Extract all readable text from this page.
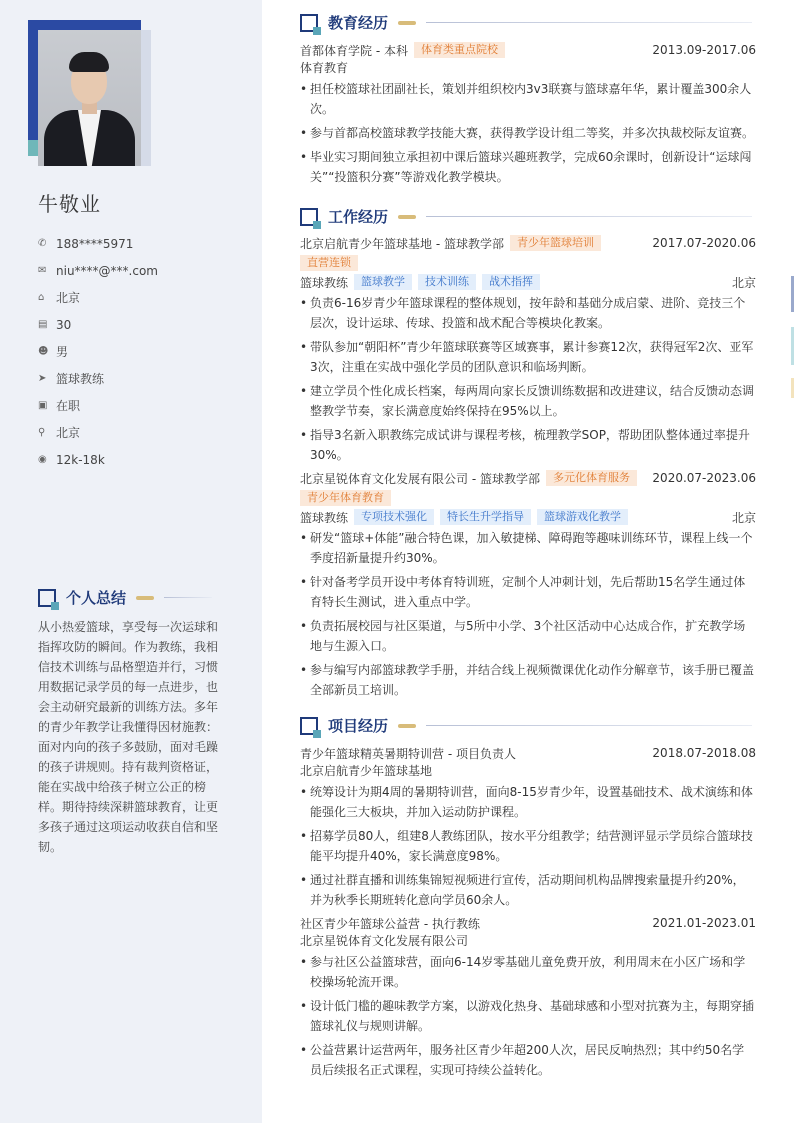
牛敬业
✆ 188****5971
✉ niu****@***.com
⌂ 北京
▤ 30
☻ 男
➤ 篮球教练
▣ 在职
⚲ 北京
◉ 12k-18k
个人总结
从小热爱篮球，享受每一次运球和指挥攻防的瞬间。作为教练，我相信技术训练与品格塑造并行，习惯用数据记录学员的每一点进步，也会主动研究最新的训练方法。多年的青少年教学让我懂得因材施教：面对内向的孩子多鼓励，面对毛躁的孩子讲规则。持有裁判资格证，能在实战中给孩子树立公正的榜样。期待持续深耕篮球教育，让更多孩子通过这项运动收获自信和坚韧。
教育经历
首都体育学院 - 本科	体育类重点院校	2013.09-2017.06
体育教育
• 担任校篮球社团副社长，策划并组织校内3v3联赛与篮球嘉年华，累计覆盖300余人次。
• 参与首都高校篮球教学技能大赛，获得教学设计组二等奖，并多次执裁校际友谊赛。
• 毕业实习期间独立承担初中课后篮球兴趣班教学，完成60余课时，创新设计“运球闯关”“投篮积分赛”等游戏化教学模块。
工作经历
北京启航青少年篮球基地 - 篮球教学部	青少年篮球培训	2017.07-2020.06
直营连锁
篮球教练	篮球教学	技术训练	战术指挥	北京
• 负责6-16岁青少年篮球课程的整体规划，按年龄和基础分成启蒙、进阶、竞技三个层次，设计运球、传球、投篮和战术配合等模块化教案。
• 带队参加“朝阳杯”青少年篮球联赛等区域赛事，累计参赛12次，获得冠军2次、亚军3次，注重在实战中强化学员的团队意识和临场判断。
• 建立学员个性化成长档案，每两周向家长反馈训练数据和改进建议，结合反馈动态调整教学节奏，家长满意度始终保持在95%以上。
• 指导3名新入职教练完成试讲与课程考核，梳理教学SOP，帮助团队整体通过率提升30%。
北京星锐体育文化发展有限公司 - 篮球教学部	多元化体育服务	2020.07-2023.06
青少年体育教育
篮球教练	专项技术强化	特长生升学指导	篮球游戏化教学	北京
• 研发“篮球+体能”融合特色课，加入敏捷梯、障碍跑等趣味训练环节，课程上线一个季度招新量提升约30%。
• 针对备考学员开设中考体育特训班，定制个人冲刺计划，先后帮助15名学生通过体育特长生测试，进入重点中学。
• 负责拓展校园与社区渠道，与5所中小学、3个社区活动中心达成合作，扩充教学场地与生源入口。
• 参与编写内部篮球教学手册，并结合线上视频微课优化动作分解章节，该手册已覆盖全部新员工培训。
项目经历
青少年篮球精英暑期特训营 - 项目负责人	2018.07-2018.08
北京启航青少年篮球基地
• 统筹设计为期4周的暑期特训营，面向8-15岁青少年，设置基础技术、战术演练和体能强化三大板块，并加入运动防护课程。
• 招募学员80人，组建8人教练团队，按水平分组教学；结营测评显示学员综合篮球技能平均提升40%，家长满意度98%。
• 通过社群直播和训练集锦短视频进行宣传，活动期间机构品牌搜索量提升约20%，并为秋季长期班转化意向学员60余人。
社区青少年篮球公益营 - 执行教练	2021.01-2023.01
北京星锐体育文化发展有限公司
• 参与社区公益篮球营，面向6-14岁零基础儿童免费开放，利用周末在小区广场和学校操场轮流开课。
• 设计低门槛的趣味教学方案，以游戏化热身、基础球感和小型对抗赛为主，每期穿插篮球礼仪与规则讲解。
• 公益营累计运营两年，服务社区青少年超200人次，居民反响热烈；其中约50名学员后续报名正式课程，实现可持续公益转化。
